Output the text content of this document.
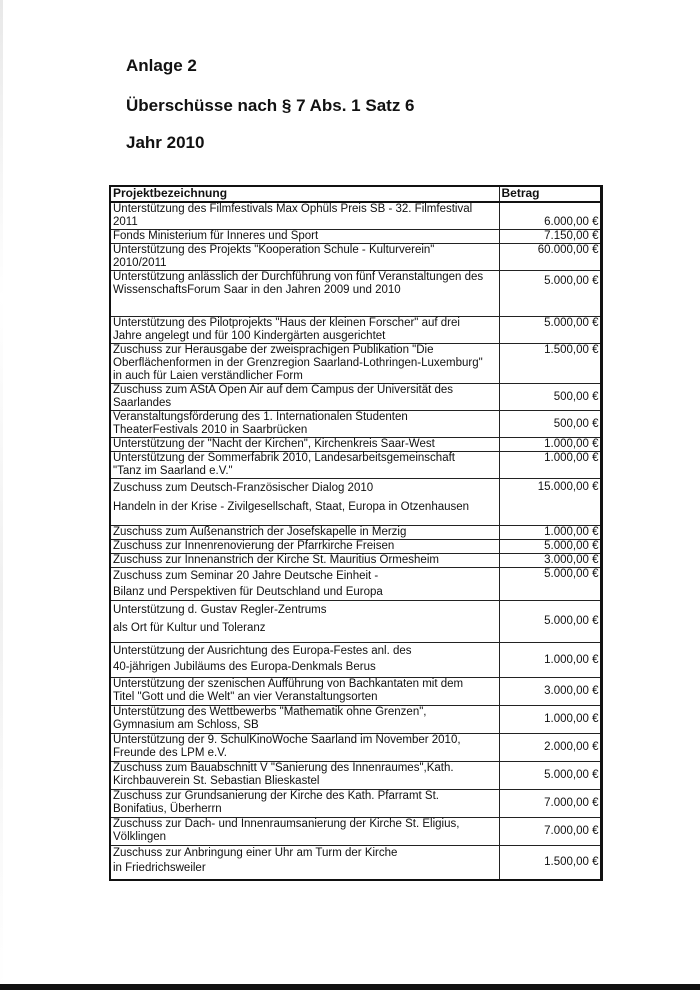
Anlage 2
Überschüsse nach § 7 Abs. 1 Satz 6
Jahr 2010
Projektbezeichnung	Betrag
Unterstützung des Filmfestivals Max Ophüls Preis SB - 32. Filmfestival
2011	6.000,00 €
Fonds Ministerium für Inneres und Sport	7.150,00 €
Unterstützung des Projekts "Kooperation Schule - Kulturverein"
2010/2011	60.000,00 €
Unterstützung anlässlich der Durchführung von fünf Veranstaltungen des
WissenschaftsForum Saar in den Jahren 2009 und 2010	5.000,00 €
Unterstützung des Pilotprojekts "Haus der kleinen Forscher" auf drei
Jahre angelegt und für 100 Kindergärten ausgerichtet	5.000,00 €
Zuschuss zur Herausgabe der zweisprachigen Publikation "Die
Oberflächenformen in der Grenzregion Saarland-Lothringen-Luxemburg"
in auch für Laien verständlicher Form	1.500,00 €
Zuschuss zum AStA Open Air auf dem Campus der Universität des
Saarlandes	500,00 €
Veranstaltungsförderung des 1. Internationalen Studenten
TheaterFestivals 2010 in Saarbrücken	500,00 €
Unterstützung der "Nacht der Kirchen", Kirchenkreis Saar-West	1.000,00 €
Unterstützung der Sommerfabrik 2010, Landesarbeitsgemeinschaft
"Tanz im Saarland e.V."	1.000,00 €
Zuschuss zum Deutsch-Französischer Dialog 2010
Handeln in der Krise - Zivilgesellschaft, Staat, Europa in Otzenhausen	15.000,00 €
Zuschuss zum Außenanstrich der Josefskapelle in Merzig	1.000,00 €
Zuschuss zur Innenrenovierung der Pfarrkirche Freisen	5.000,00 €
Zuschuss zur Innenanstrich der Kirche St. Mauritius Ormesheim	3.000,00 €
Zuschuss zum Seminar 20 Jahre Deutsche Einheit -
Bilanz und Perspektiven für Deutschland und Europa	5.000,00 €
Unterstützung d. Gustav Regler-Zentrums
als Ort für Kultur und Toleranz	5.000,00 €
Unterstützung der Ausrichtung des Europa-Festes anl. des
40-jährigen Jubiläums des Europa-Denkmals Berus	1.000,00 €
Unterstützung der szenischen Aufführung von Bachkantaten mit dem
Titel "Gott und die Welt" an vier Veranstaltungsorten	3.000,00 €
Unterstützung des Wettbewerbs "Mathematik ohne Grenzen",
Gymnasium am Schloss, SB	1.000,00 €
Unterstützung der 9. SchulKinoWoche Saarland im November 2010,
Freunde des LPM e.V.	2.000,00 €
Zuschuss zum Bauabschnitt V "Sanierung des Innenraumes",Kath.
Kirchbauverein St. Sebastian Blieskastel	5.000,00 €
Zuschuss zur Grundsanierung der Kirche des Kath. Pfarramt St.
Bonifatius, Überherrn	7.000,00 €
Zuschuss zur Dach- und Innenraumsanierung der Kirche St. Eligius,
Völklingen	7.000,00 €
Zuschuss zur Anbringung einer Uhr am Turm der Kirche
in Friedrichsweiler	1.500,00 €
